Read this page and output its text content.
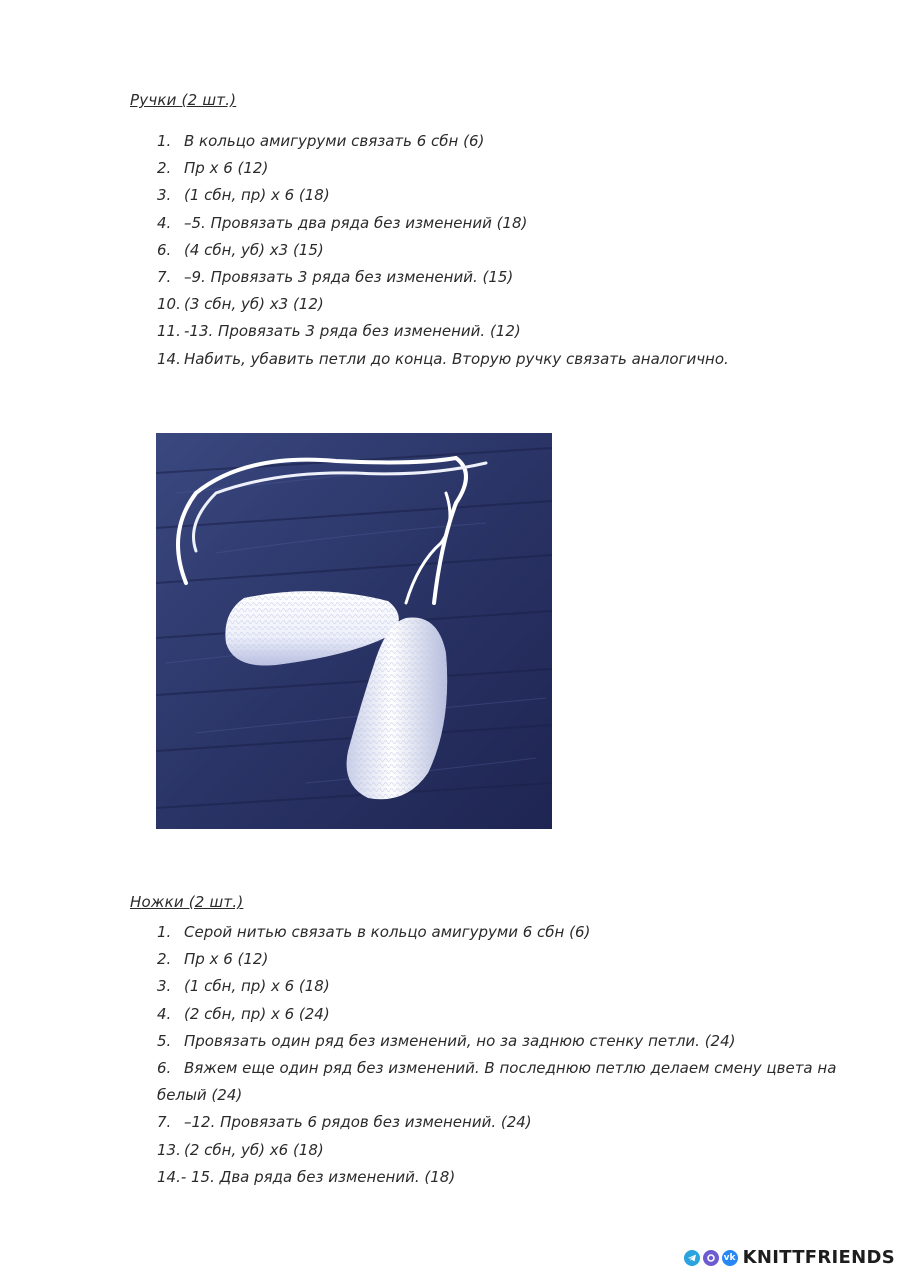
Ручки (2 шт.)
1. В кольцо амигуруми связать 6 сбн (6)
2. Пр х 6 (12)
3. (1 сбн, пр) х 6 (18)
4. –5. Провязать два ряда без изменений (18)
6. (4 сбн, уб) х3 (15)
7. –9. Провязать 3 ряда без изменений. (15)
10. (3 сбн, уб) х3 (12)
11. -13. Провязать 3 ряда без изменений. (12)
14. Набить, убавить петли до конца. Вторую ручку связать аналогично.
Ножки (2 шт.)
1. Серой нитью связать в кольцо амигуруми 6 сбн (6)
2. Пр х 6 (12)
3. (1 сбн, пр) х 6 (18)
4. (2 сбн, пр) х 6 (24)
5. Провязать один ряд без изменений, но за заднюю стенку петли. (24)
6. Вяжем еще один ряд без изменений. В последнюю петлю делаем смену цвета на белый (24)
7. –12. Провязать 6 рядов без изменений. (24)
13. (2 сбн, уб) х6 (18)
14.- 15. Два ряда без изменений. (18)
vk KNITTFRIENDS
